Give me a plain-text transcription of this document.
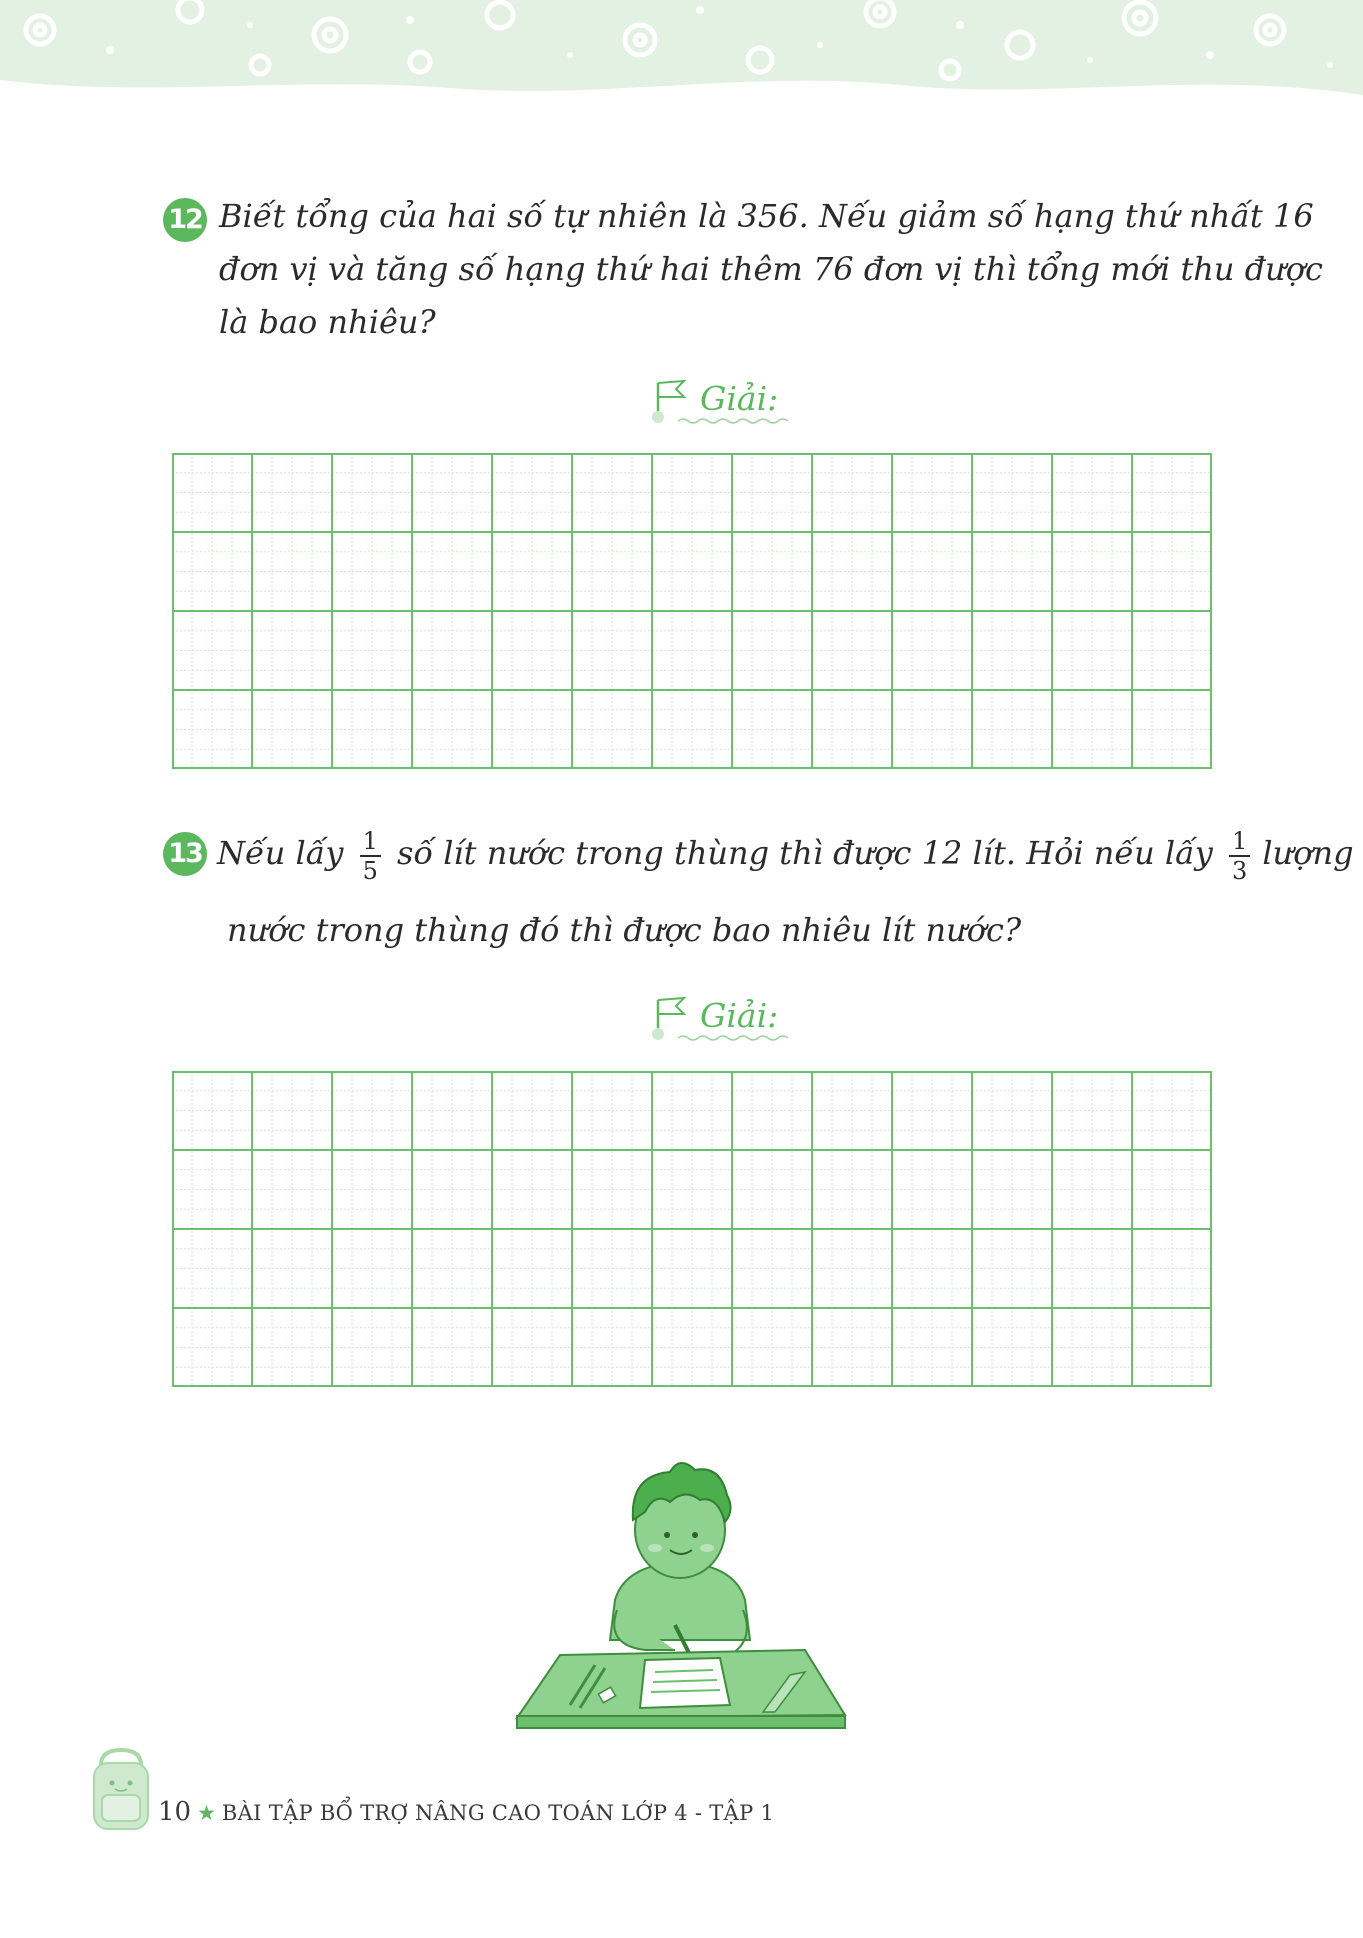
12 Biết tổng của hai số tự nhiên là 356. Nếu giảm số hạng thứ nhất 16
đơn vị và tăng số hạng thứ hai thêm 76 đơn vị thì tổng mới thu được
là bao nhiêu?
Giải:
13 Nếu lấy $\frac{1}{5}$ số lít nước trong thùng thì được 12 lít. Hỏi nếu lấy $\frac{1}{3}$ lượng
nước trong thùng đó thì được bao nhiêu lít nước?
Giải:
10 ★ BÀI TẬP BỔ TRỢ NÂNG CAO TOÁN LỚP 4 - TẬP 1
